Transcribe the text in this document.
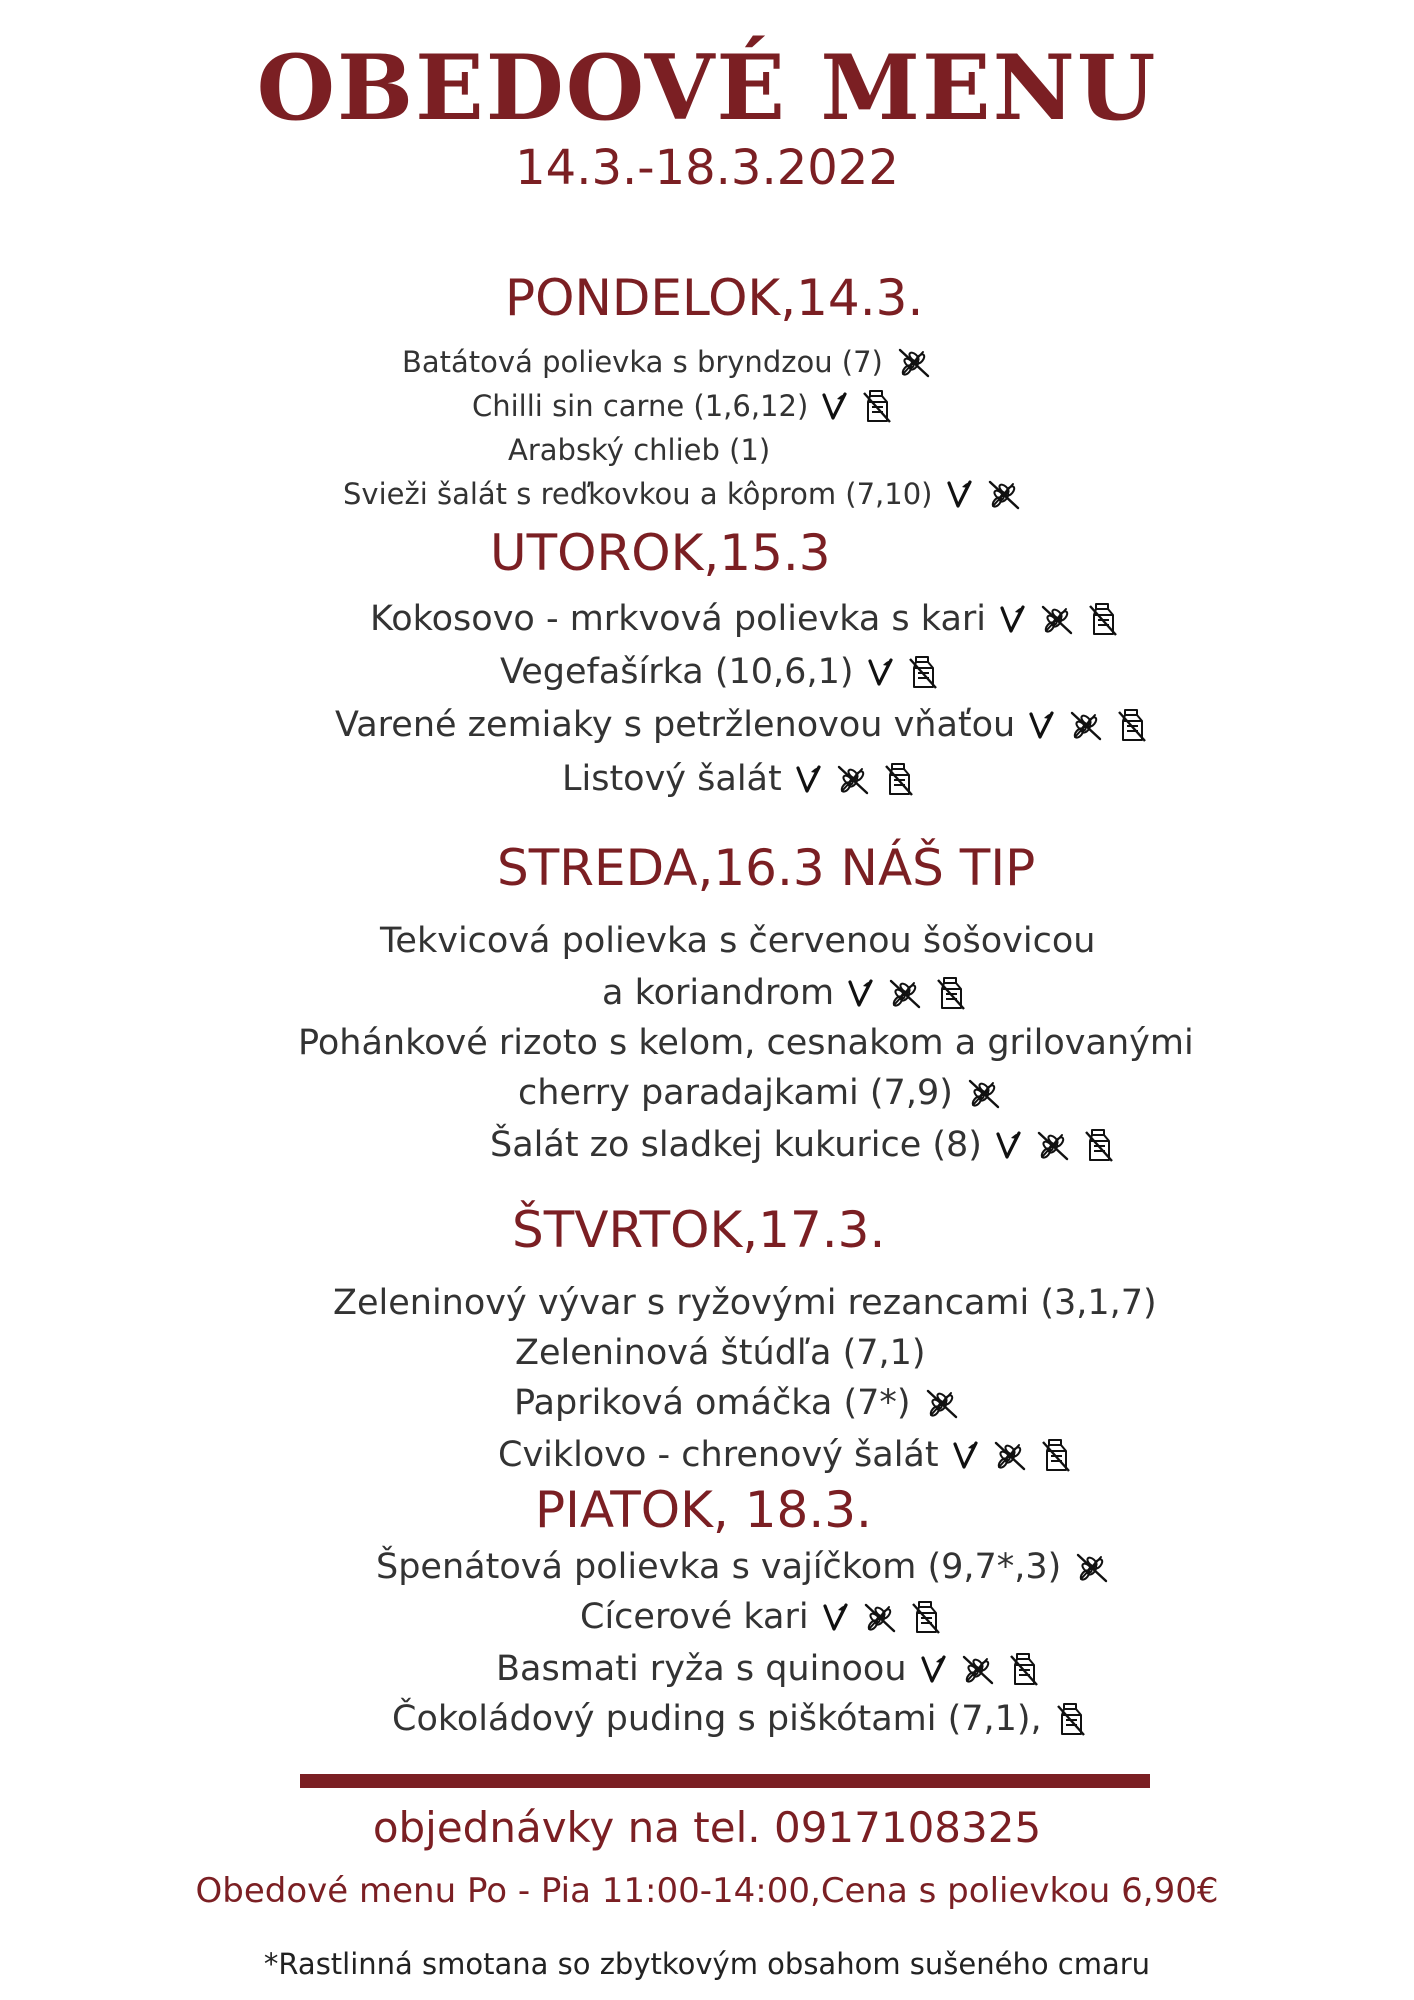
OBEDOVÉ MENU
14.3.-18.3.2022
PONDELOK,14.3.
Batátová polievka s bryndzou (7)
Chilli sin carne (1,6,12)
Arabský chlieb (1)
Svieži šalát s reďkovkou a kôprom (7,10)
UTOROK,15.3
Kokosovo - mrkvová polievka s kari
Vegefašírka (10,6,1)
Varené zemiaky s petržlenovou vňaťou
Listový šalát
STREDA,16.3 NÁŠ TIP
Tekvicová polievka s červenou šošovicou
a koriandrom
Pohánkové rizoto s kelom, cesnakom a grilovanými
cherry paradajkami (7,9)
Šalát zo sladkej kukurice (8)
ŠTVRTOK,17.3.
Zeleninový vývar s ryžovými rezancami (3,1,7)
Zeleninová štúdľa (7,1)
Papriková omáčka (7*)
Cviklovo - chrenový šalát
PIATOK, 18.3.
Špenátová polievka s vajíčkom (9,7*,3)
Cícerové kari
Basmati ryža s quinoou
Čokoládový puding s piškótami (7,1),
objednávky na tel. 0917108325
Obedové menu Po - Pia 11:00-14:00,Cena s polievkou 6,90€
*Rastlinná smotana so zbytkovým obsahom sušeného cmaru
